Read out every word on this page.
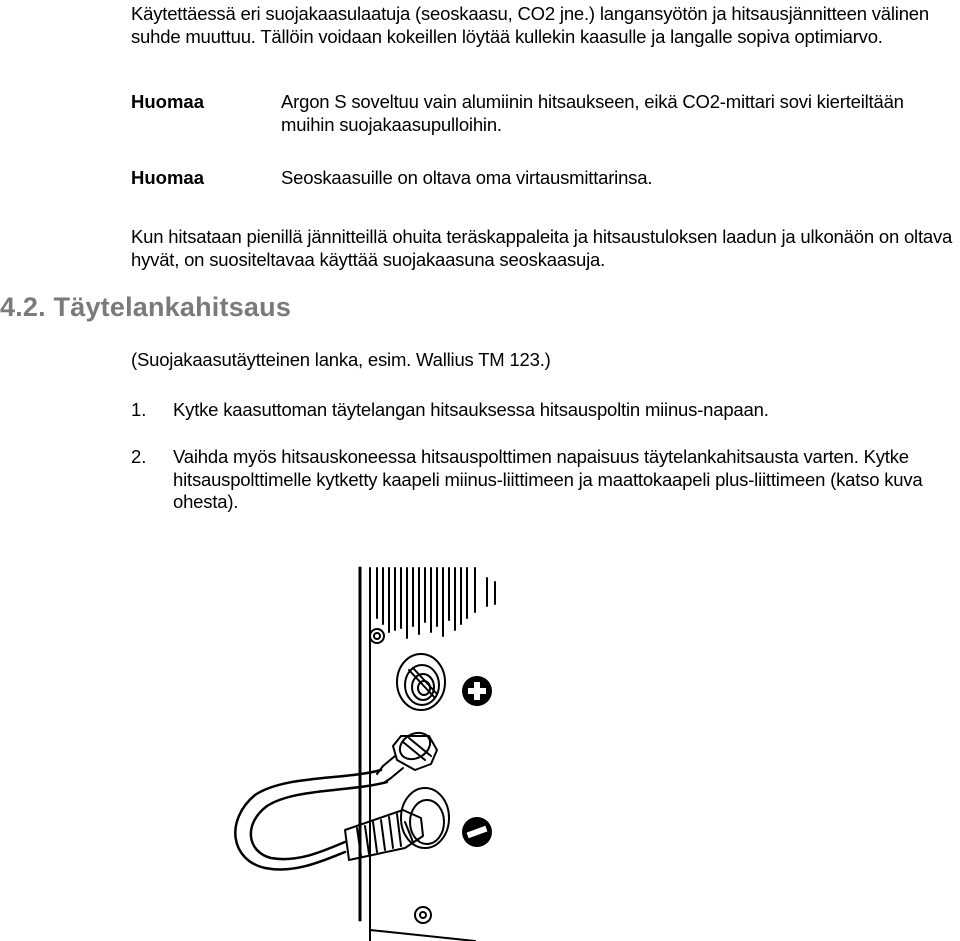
Käytettäessä eri suojakaasulaatuja (seoskaasu, CO2 jne.) langansyötön ja hitsausjännitteen välinen suhde muuttuu. Tällöin voidaan kokeillen löytää kullekin kaasulle ja langalle sopiva optimiarvo.

Huomaa	Argon S soveltuu vain alumiinin hitsaukseen, eikä CO2-mittari sovi kierteiltään muihin suojakaasupulloihin.
Huomaa	Seoskaasuille on oltava oma virtausmittarinsa.

Kun hitsataan pienillä jännitteillä ohuita teräskappaleita ja hitsaustuloksen laadun ja ulkonäön on oltava hyvät, on suositeltavaa käyttää suojakaasuna seoskaasuja.

4.2. Täytelankahitsaus
(Suojakaasutäytteinen lanka, esim. Wallius TM 123.)
1. Kytke kaasuttoman täytelangan hitsauksessa hitsauspoltin miinus-napaan.
2. Vaihda myös hitsauskoneessa hitsauspolttimen napaisuus täytelankahitsausta varten. Kytke hitsauspolttimelle kytketty kaapeli miinus-liittimeen ja maattokaapeli plus-liittimeen (katso kuva ohesta).
